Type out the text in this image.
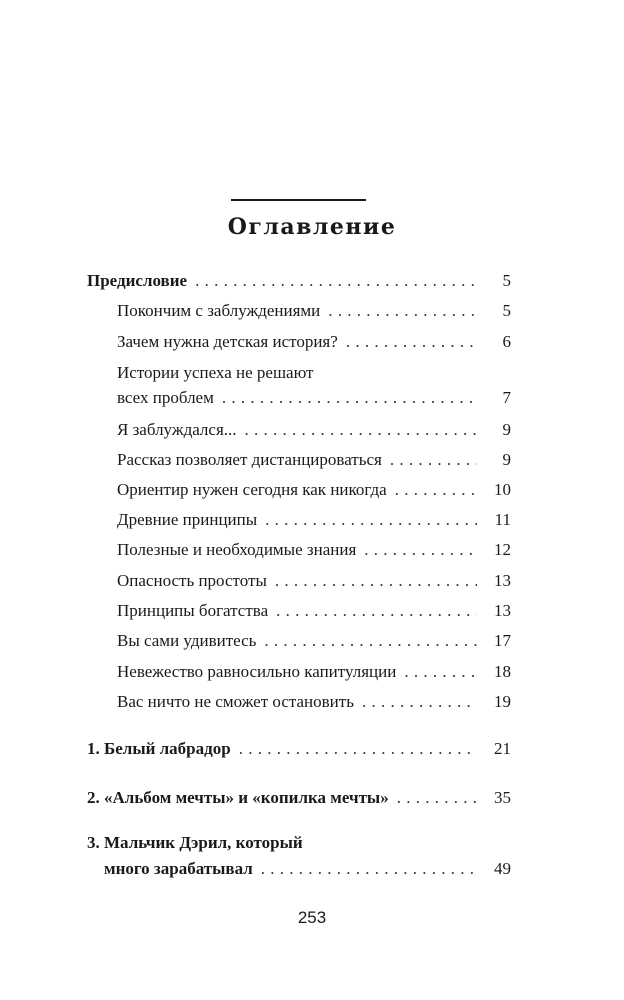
Оглавление
Предисловие . . .	5
Покончим с заблуждениями . . .	5
Зачем нужна детская история? . . .	6
Истории успеха не решают
всех проблем . . .	7
Я заблуждался... . . .	9
Рассказ позволяет дистанцироваться . . .	9
Ориентир нужен сегодня как никогда . . .	10
Древние принципы . . .	11
Полезные и необходимые знания . . .	12
Опасность простоты . . .	13
Принципы богатства . . .	13
Вы сами удивитесь . . .	17
Невежество равносильно капитуляции . . .	18
Вас ничто не сможет остановить . . .	19
1. Белый лабрадор . . .	21
2. «Альбом мечты» и «копилка мечты» . . .	35
3. Мальчик Дэрил, который
много зарабатывал . . .	49
253
